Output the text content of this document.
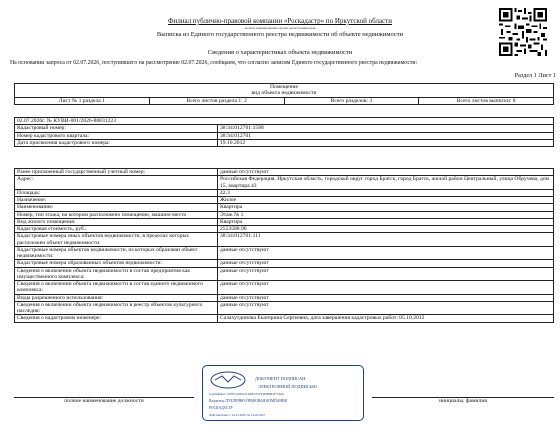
Филиал публично-правовой компании «Роскадастр» по Иркутской области
полное наименование органа регистрации прав
Выписка из Единого государственного реестра недвижимости об объекте недвижимости
Сведения о характеристиках объекта недвижимости
На основании запроса от 02.07.2026, поступившего на рассмотрение 02.07.2026, сообщаем, что согласно записям Единого государственного реестра недвижимости:
Раздел 1 Лист 1
Помещение
вид объекта недвижимости

Лист № 1 раздела 1	Всего листов раздела 1: 2	Всего разделов: 3	Всего листов выписки: 8
02.07.2026г. № КУВИ-001/2026-88831223	
Кадастровый номер:	38:34:012701:1588
Номер кадастрового квартала:	38:34:012701
Дата присвоения кадастрового номера:	19.10.2012
Ранее присвоенный государственный учетный номер:	данные отсутствуют
Адрес:	Российская Федерация, Иркутская область, городской округ город Братск, город Братск, жилой район Центральный, улица Обручева, дом 15, квартира 43
Площадь:	42.3
Назначение:	Жилое
Наименование:	Квартира
Номер, тип этажа, на котором расположено помещение, машино-место	Этаж № 1
Вид жилого помещения:	Квартира
Кадастровая стоимость, руб.:	2553588.96
Кадастровые номера иных объектов недвижимости, в пределах которых расположен объект недвижимости:	38:34:012701:111
Кадастровые номера объектов недвижимости, из которых образован объект недвижимости:	данные отсутствуют
Кадастровые номера образованных объектов недвижимости:	данные отсутствуют
Сведения о включении объекта недвижимости в состав предприятия как имущественного комплекса:	данные отсутствуют
Сведения о включении объекта недвижимости в состав единого недвижимого комплекса:	данные отсутствуют
Виды разрешенного использования:	данные отсутствуют
Сведения о включении объекта недвижимости в реестр объектов культурного наследия:	данные отсутствуют
Сведения о кадастровом инженере:	Салахутдинова Екатерина Сергеевна, дата завершения кадастровых работ: 05.10.2012
полное наименование должности	инициалы, фамилия
ДОКУМЕНТ ПОДПИСАН
ЭЛЕКТРОННОЙ ПОДПИСЬЮ
Сертификат: 019971464947149955351936688B1975A65
Владелец: ПУБЛИЧНО-ПРАВОВАЯ КОМПАНИЯ
РОСКАДАСТР
Действителен: с 24.12.2025 по 19.03.2027
